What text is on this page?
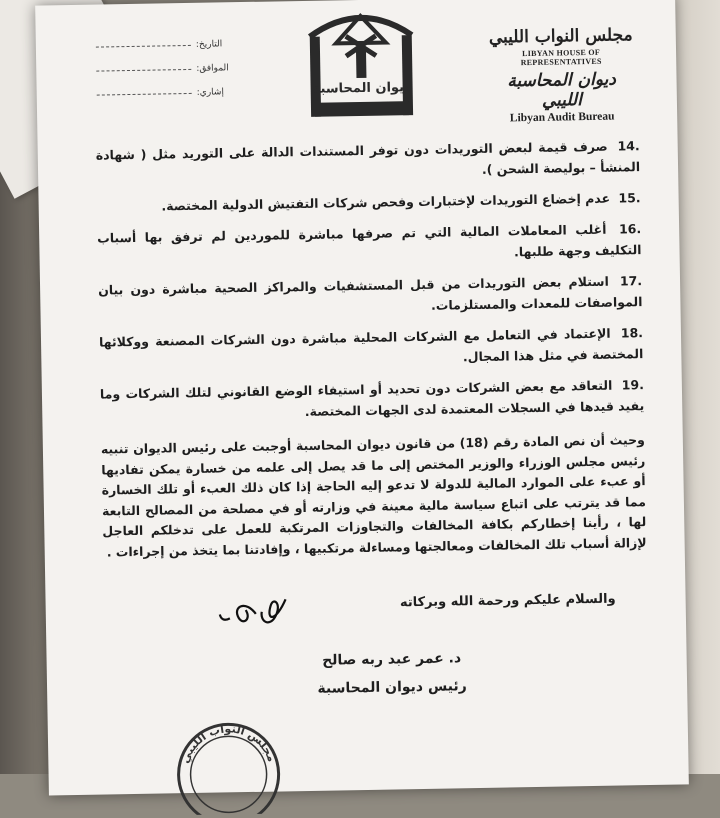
التاريخ
:
الموافق
:
إشاري
:	ديوان المحاسبة
مجلس النواب الليبي
LIBYAN HOUSE OF REPRESENTATIVES
ديوان المحاسبة الليبي
Libyan Audit Bureau
.14 صرف قيمة لبعض التوريدات دون توفر المستندات الدالة على التوريد مثل ( شهادة المنشأ – بوليصة الشحن ).
.15 عدم إخضاع التوريدات لإختبارات وفحص شركات التفتيش الدولية المختصة.
.16 أغلب المعاملات المالية التي تم صرفها مباشرة للموردين لم ترفق بها أسباب التكليف وجهة طلبها.
.17 استلام بعض التوريدات من قبل المستشفيات والمراكز الصحية مباشرة دون بيان المواصفات للمعدات والمستلزمات.
.18 الإعتماد في التعامل مع الشركات المحلية مباشرة دون الشركات المصنعة ووكلائها المختصة في مثل هذا المجال.
.19 التعاقد مع بعض الشركات دون تحديد أو استيفاء الوضع القانوني لتلك الشركات وما يفيد قيدها في السجلات المعتمدة لدى الجهات المختصة.
وحيث أن نص المادة رقم (18) من قانون ديوان المحاسبة أوجبت على رئيس الديوان تنبيه رئيس مجلس الوزراء والوزير المختص إلى ما قد يصل إلى علمه من خسارة يمكن تفاديها أو عبء على الموارد المالية للدولة لا تدعو إليه الحاجة إذا كان ذلك العبء أو تلك الخسارة مما قد يترتب على اتباع سياسة مالية معينة في وزارته أو في مصلحة من المصالح التابعة لها ، رأينا إخطاركم بكافة المخالفات والتجاوزات المرتكبة للعمل على تدخلكم العاجل لإزالة أسباب تلك المخالفات ومعالجتها ومساءلة مرتكبيها ، وإفادتنا بما يتخذ من إجراءات .
والسلام عليكم ورحمة الله وبركاته
د. عمر عبد ربه صالح
رئيس ديوان المحاسبة
مجلس النواب الليبي
